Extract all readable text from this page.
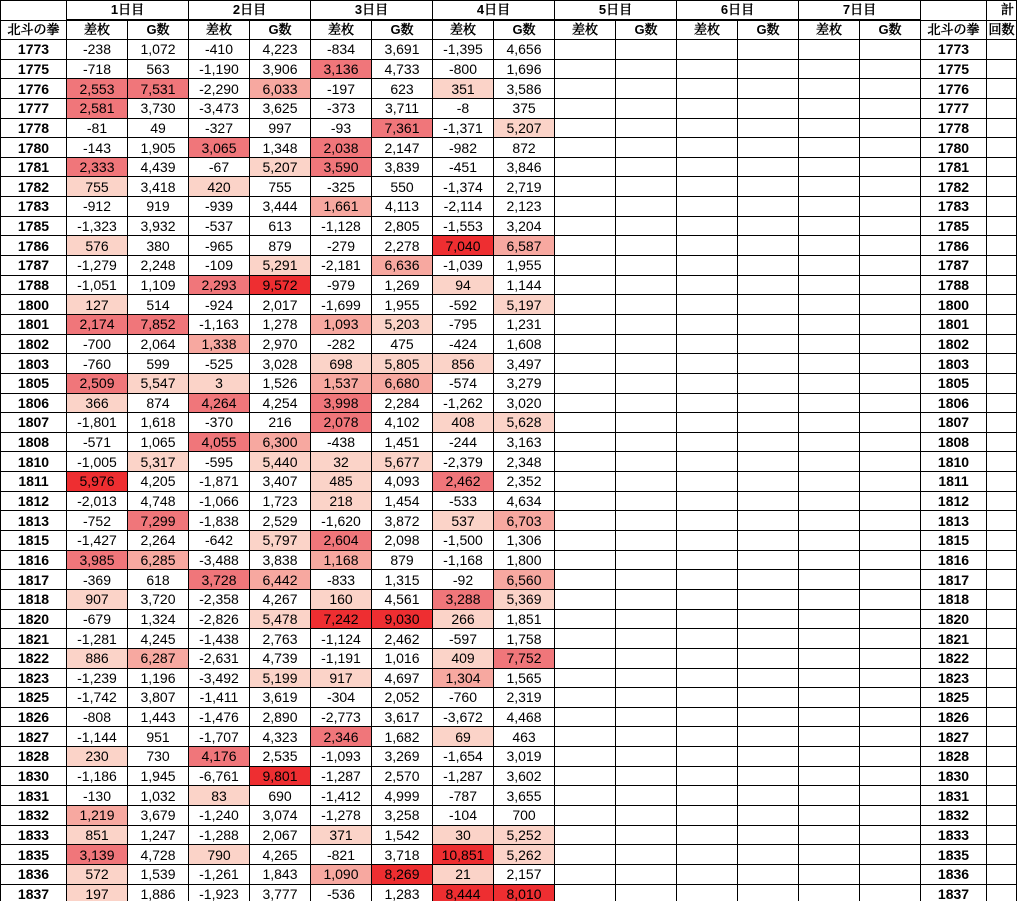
	1日目		2日目		3日目		4日目		5日目		6日目		7日目			計
北斗の拳	差枚	G数	差枚	G数	差枚	G数	差枚	G数	差枚	G数	差枚	G数	差枚	G数	北斗の拳	回数
1773	-238	1,072	-410	4,223	-834	3,691	-1,395	4,656							1773	
1775	-718	563	-1,190	3,906	3,136	4,733	-800	1,696							1775	
1776	2,553	7,531	-2,290	6,033	-197	623	351	3,586							1776	
1777	2,581	3,730	-3,473	3,625	-373	3,711	-8	375							1777	
1778	-81	49	-327	997	-93	7,361	-1,371	5,207							1778	
1780	-143	1,905	3,065	1,348	2,038	2,147	-982	872							1780	
1781	2,333	4,439	-67	5,207	3,590	3,839	-451	3,846							1781	
1782	755	3,418	420	755	-325	550	-1,374	2,719							1782	
1783	-912	919	-939	3,444	1,661	4,113	-2,114	2,123							1783	
1785	-1,323	3,932	-537	613	-1,128	2,805	-1,553	3,204							1785	
1786	576	380	-965	879	-279	2,278	7,040	6,587							1786	
1787	-1,279	2,248	-109	5,291	-2,181	6,636	-1,039	1,955							1787	
1788	-1,051	1,109	2,293	9,572	-979	1,269	94	1,144							1788	
1800	127	514	-924	2,017	-1,699	1,955	-592	5,197							1800	
1801	2,174	7,852	-1,163	1,278	1,093	5,203	-795	1,231							1801	
1802	-700	2,064	1,338	2,970	-282	475	-424	1,608							1802	
1803	-760	599	-525	3,028	698	5,805	856	3,497							1803	
1805	2,509	5,547	3	1,526	1,537	6,680	-574	3,279							1805	
1806	366	874	4,264	4,254	3,998	2,284	-1,262	3,020							1806	
1807	-1,801	1,618	-370	216	2,078	4,102	408	5,628							1807	
1808	-571	1,065	4,055	6,300	-438	1,451	-244	3,163							1808	
1810	-1,005	5,317	-595	5,440	32	5,677	-2,379	2,348							1810	
1811	5,976	4,205	-1,871	3,407	485	4,093	2,462	2,352							1811	
1812	-2,013	4,748	-1,066	1,723	218	1,454	-533	4,634							1812	
1813	-752	7,299	-1,838	2,529	-1,620	3,872	537	6,703							1813	
1815	-1,427	2,264	-642	5,797	2,604	2,098	-1,500	1,306							1815	
1816	3,985	6,285	-3,488	3,838	1,168	879	-1,168	1,800							1816	
1817	-369	618	3,728	6,442	-833	1,315	-92	6,560							1817	
1818	907	3,720	-2,358	4,267	160	4,561	3,288	5,369							1818	
1820	-679	1,324	-2,826	5,478	7,242	9,030	266	1,851							1820	
1821	-1,281	4,245	-1,438	2,763	-1,124	2,462	-597	1,758							1821	
1822	886	6,287	-2,631	4,739	-1,191	1,016	409	7,752							1822	
1823	-1,239	1,196	-3,492	5,199	917	4,697	1,304	1,565							1823	
1825	-1,742	3,807	-1,411	3,619	-304	2,052	-760	2,319							1825	
1826	-808	1,443	-1,476	2,890	-2,773	3,617	-3,672	4,468							1826	
1827	-1,144	951	-1,707	4,323	2,346	1,682	69	463							1827	
1828	230	730	4,176	2,535	-1,093	3,269	-1,654	3,019							1828	
1830	-1,186	1,945	-6,761	9,801	-1,287	2,570	-1,287	3,602							1830	
1831	-130	1,032	83	690	-1,412	4,999	-787	3,655							1831	
1832	1,219	3,679	-1,240	3,074	-1,278	3,258	-104	700							1832	
1833	851	1,247	-1,288	2,067	371	1,542	30	5,252							1833	
1835	3,139	4,728	790	4,265	-821	3,718	10,851	5,262							1835	
1836	572	1,539	-1,261	1,843	1,090	8,269	21	2,157							1836	
1837	197	1,886	-1,923	3,777	-536	1,283	8,444	8,010							1837	
